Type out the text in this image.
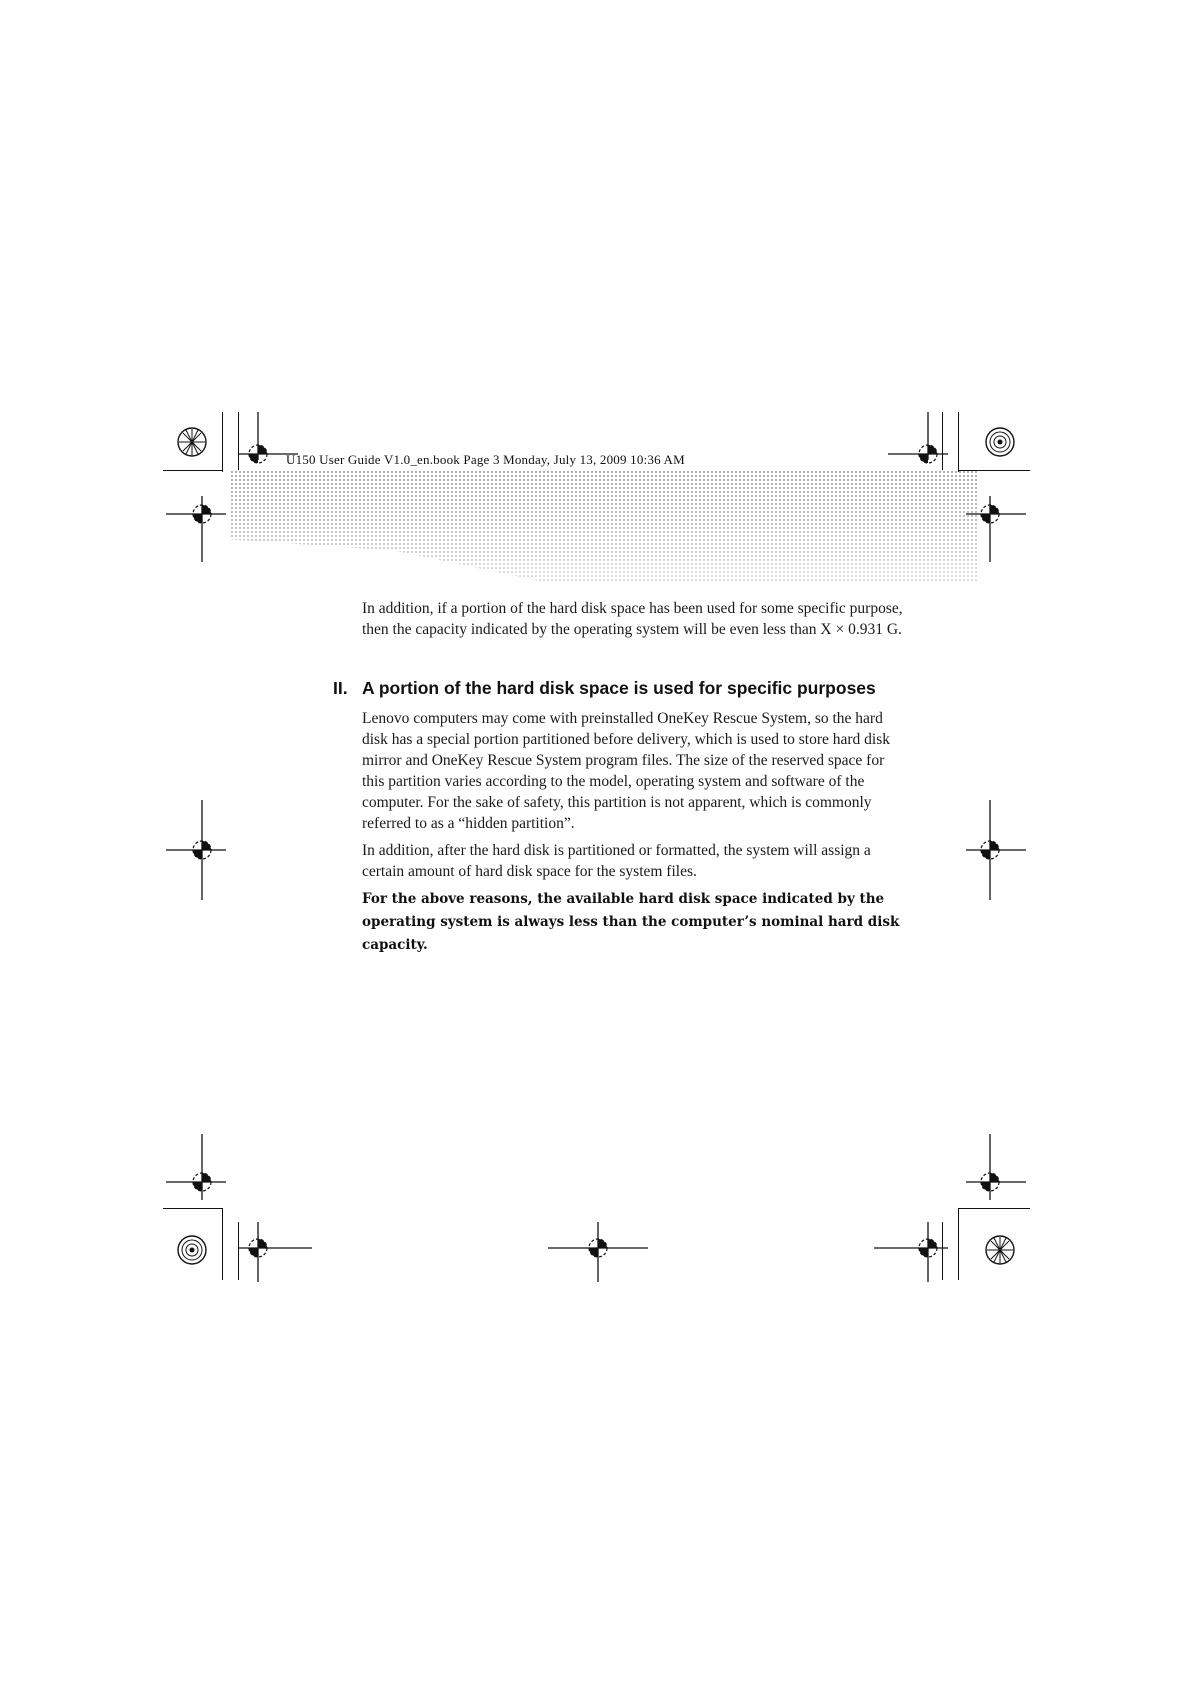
U150 User Guide V1.0_en.book Page 3 Monday, July 13, 2009 10:36 AM

In addition, if a portion of the hard disk space has been used for some specific purpose, then the capacity indicated by the operating system will be even less than X × 0.931 G.

II. A portion of the hard disk space is used for specific purposes

Lenovo computers may come with preinstalled OneKey Rescue System, so the hard disk has a special portion partitioned before delivery, which is used to store hard disk mirror and OneKey Rescue System program files. The size of the reserved space for this partition varies according to the model, operating system and software of the computer. For the sake of safety, this partition is not apparent, which is commonly referred to as a “hidden partition”.

In addition, after the hard disk is partitioned or formatted, the system will assign a certain amount of hard disk space for the system files.

For the above reasons, the available hard disk space indicated by the operating system is always less than the computer’s nominal hard disk capacity.
